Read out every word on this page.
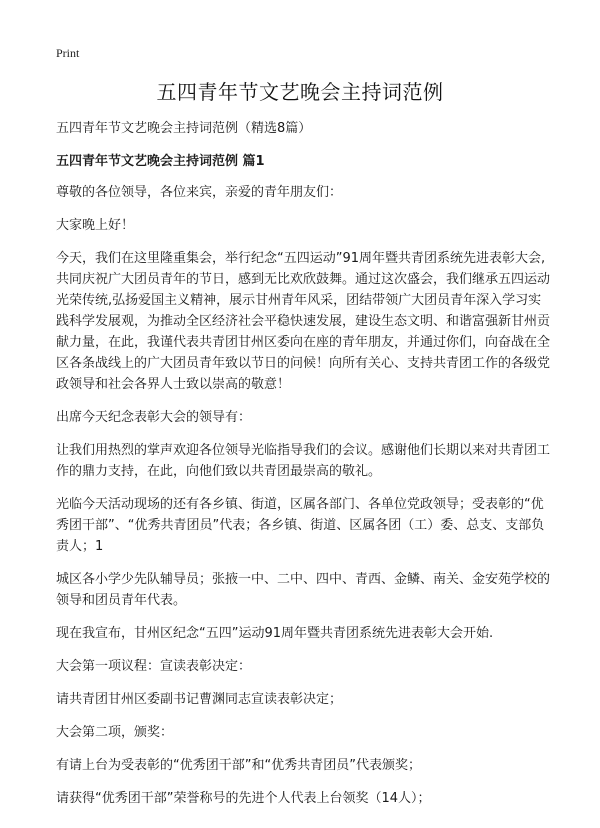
Print
五四青年节文艺晚会主持词范例
五四青年节文艺晚会主持词范例（精选8篇）
五四青年节文艺晚会主持词范例 篇1

尊敬的各位领导，各位来宾，亲爱的青年朋友们：

大家晚上好！

今天，我们在这里隆重集会，举行纪念“五四运动”91周年暨共青团系统先进表彰大会,共同庆祝广大团员青年的节日，感到无比欢欣鼓舞。通过这次盛会，我们继承五四运动光荣传统,弘扬爱国主义精神，展示甘州青年风采，团结带领广大团员青年深入学习实践科学发展观，为推动全区经济社会平稳快速发展，建设生态文明、和谐富强新甘州贡献力量，在此，我谨代表共青团甘州区委向在座的青年朋友，并通过你们，向奋战在全区各条战线上的广大团员青年致以节日的问候！向所有关心、支持共青团工作的各级党政领导和社会各界人士致以崇高的敬意！

出席今天纪念表彰大会的领导有：

让我们用热烈的掌声欢迎各位领导光临指导我们的会议。感谢他们长期以来对共青团工作的鼎力支持，在此，向他们致以共青团最崇高的敬礼。

光临今天活动现场的还有各乡镇、街道，区属各部门、各单位党政领导；受表彰的“优秀团干部”、“优秀共青团员”代表；各乡镇、街道、区属各团（工）委、总支、支部负责人；1

城区各小学少先队辅导员；张掖一中、二中、四中、青西、金鳞、南关、金安苑学校的领导和团员青年代表。

现在我宣布，甘州区纪念“五四”运动91周年暨共青团系统先进表彰大会开始.

大会第一项议程：宣读表彰决定：

请共青团甘州区委副书记曹渊同志宣读表彰决定；

大会第二项，颁奖：

有请上台为受表彰的“优秀团干部”和“优秀共青团员”代表颁奖；

请获得“优秀团干部”荣誉称号的先进个人代表上台领奖（14人）；
